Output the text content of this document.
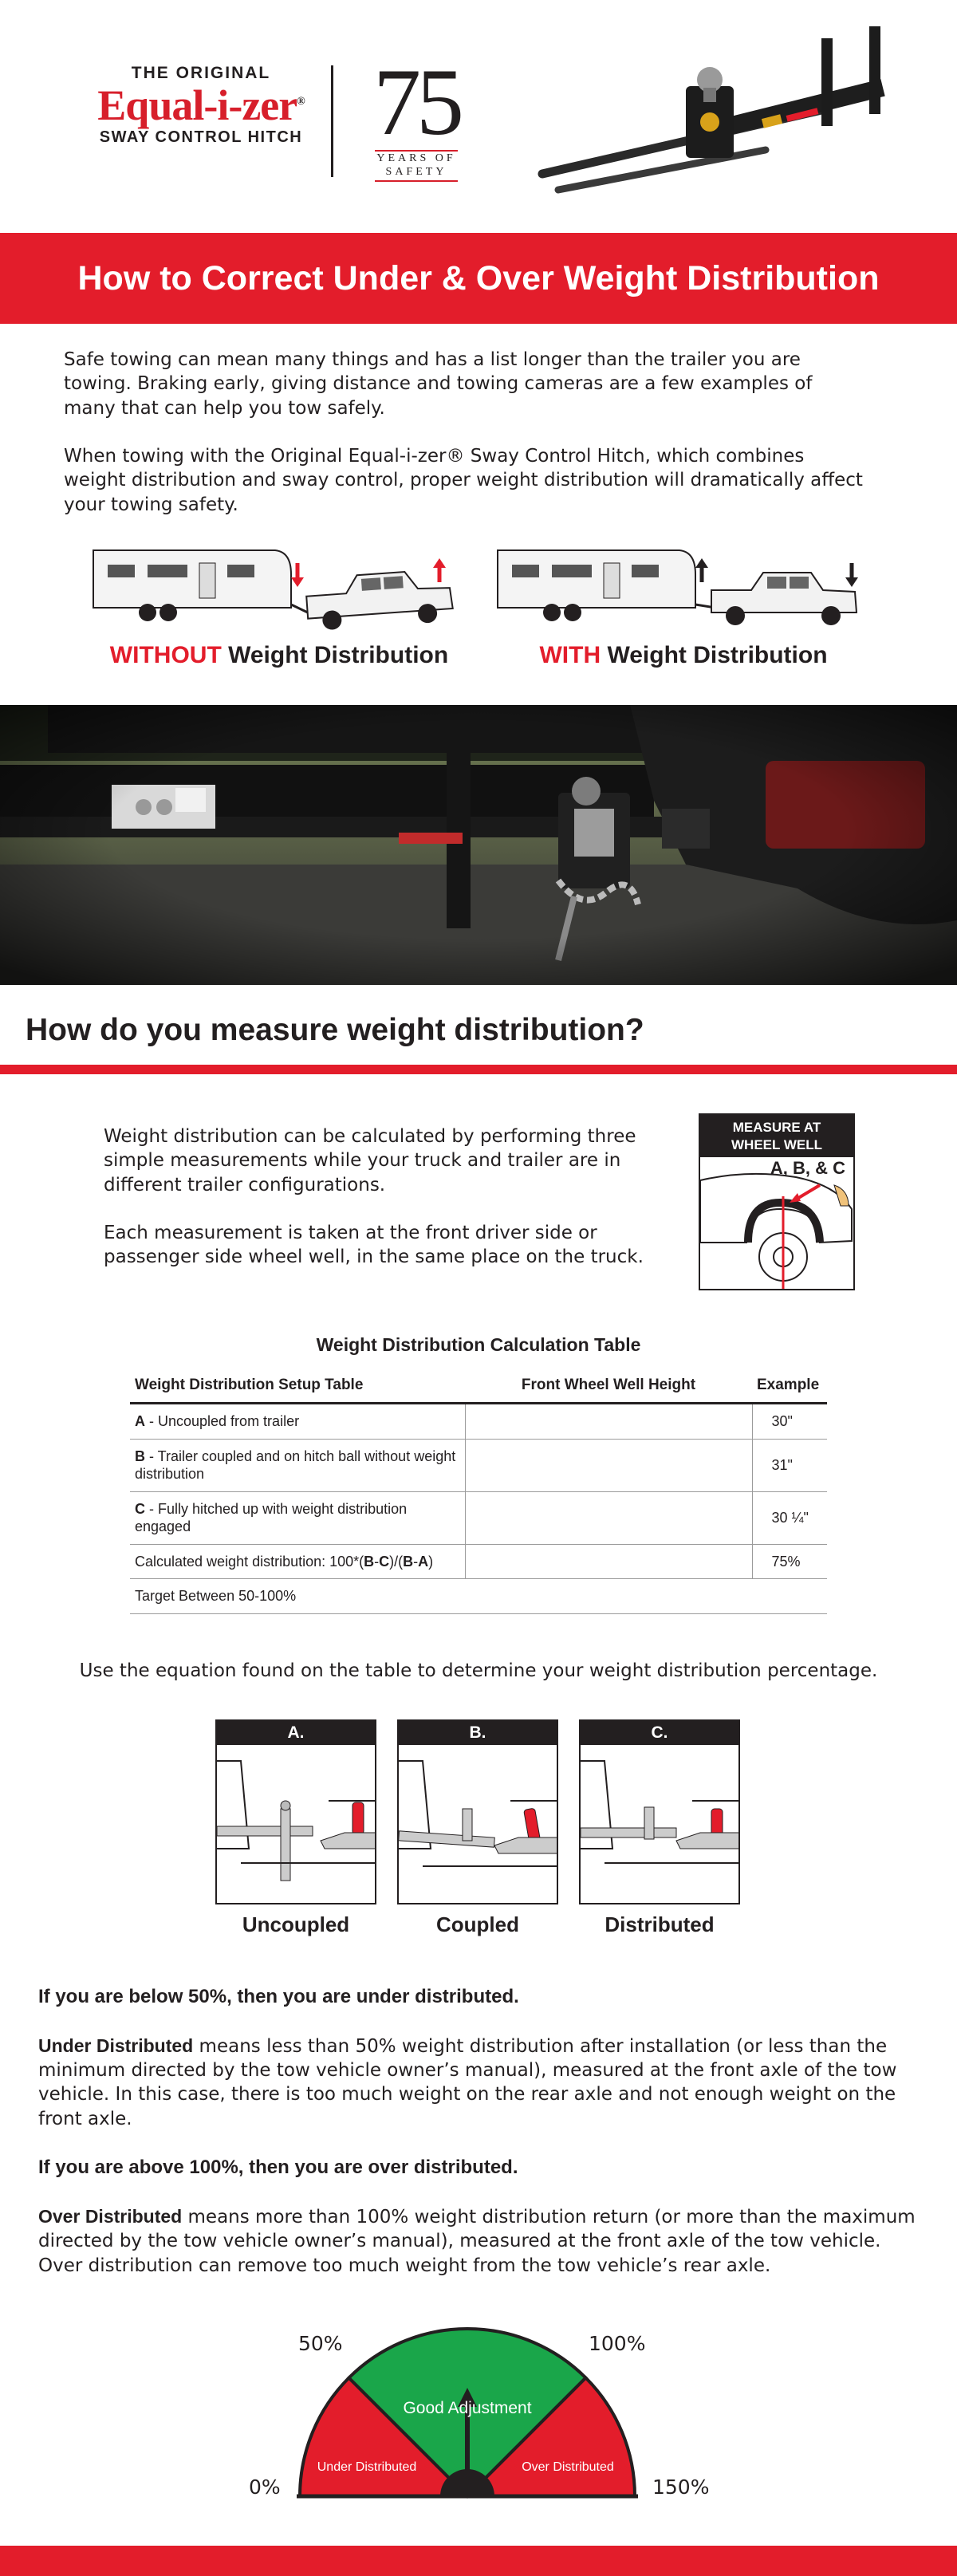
THE ORIGINAL
Equal-i-zer®
SWAY CONTROL HITCH 75
YEARS OF
SAFETY
How to Correct Under & Over Weight Distribution

Safe towing can mean many things and has a list longer than the trailer you are towing. Braking early, giving distance and towing cameras are a few examples of many that can help you tow safely.

When towing with the Original Equal-i-zer® Sway Control Hitch, which combines weight distribution and sway control, proper weight distribution will dramatically affect your towing safety.

WITHOUT Weight Distribution	WITH Weight Distribution
How do you measure weight distribution?

Weight distribution can be calculated by performing three simple measurements while your truck and trailer are in different trailer configurations.

Each measurement is taken at the front driver side or passenger side wheel well, in the same place on the truck.

MEASURE AT
WHEEL WELL
A, B, & C
Weight Distribution Calculation Table
Weight Distribution Setup Table	Front Wheel Well Height	Example
A - Uncoupled from trailer		30"
B - Trailer coupled and on hitch ball without weight distribution		31"
C - Fully hitched up with weight distribution engaged		30 ¼"
Calculated weight distribution: 100*(B-C)/(B-A)		75%
Target Between 50-100%		
Use the equation found on the table to determine your weight distribution percentage.
A.	B.	C.
Uncoupled	Coupled	Distributed
If you are below 50%, then you are under distributed.
Under Distributed means less than 50% weight distribution after installation (or less than the minimum directed by the tow vehicle owner’s manual), measured at the front axle of the tow vehicle. In this case, there is too much weight on the rear axle and not enough weight on the front axle.
If you are above 100%, then you are over distributed.
Over Distributed means more than 100% weight distribution return (or more than the maximum directed by the tow vehicle owner’s manual), measured at the front axle of the tow vehicle. Over distribution can remove too much weight from the tow vehicle’s rear axle.
50%	100%
0%	150%
Good Adjustment
Under Distributed	Over Distributed
